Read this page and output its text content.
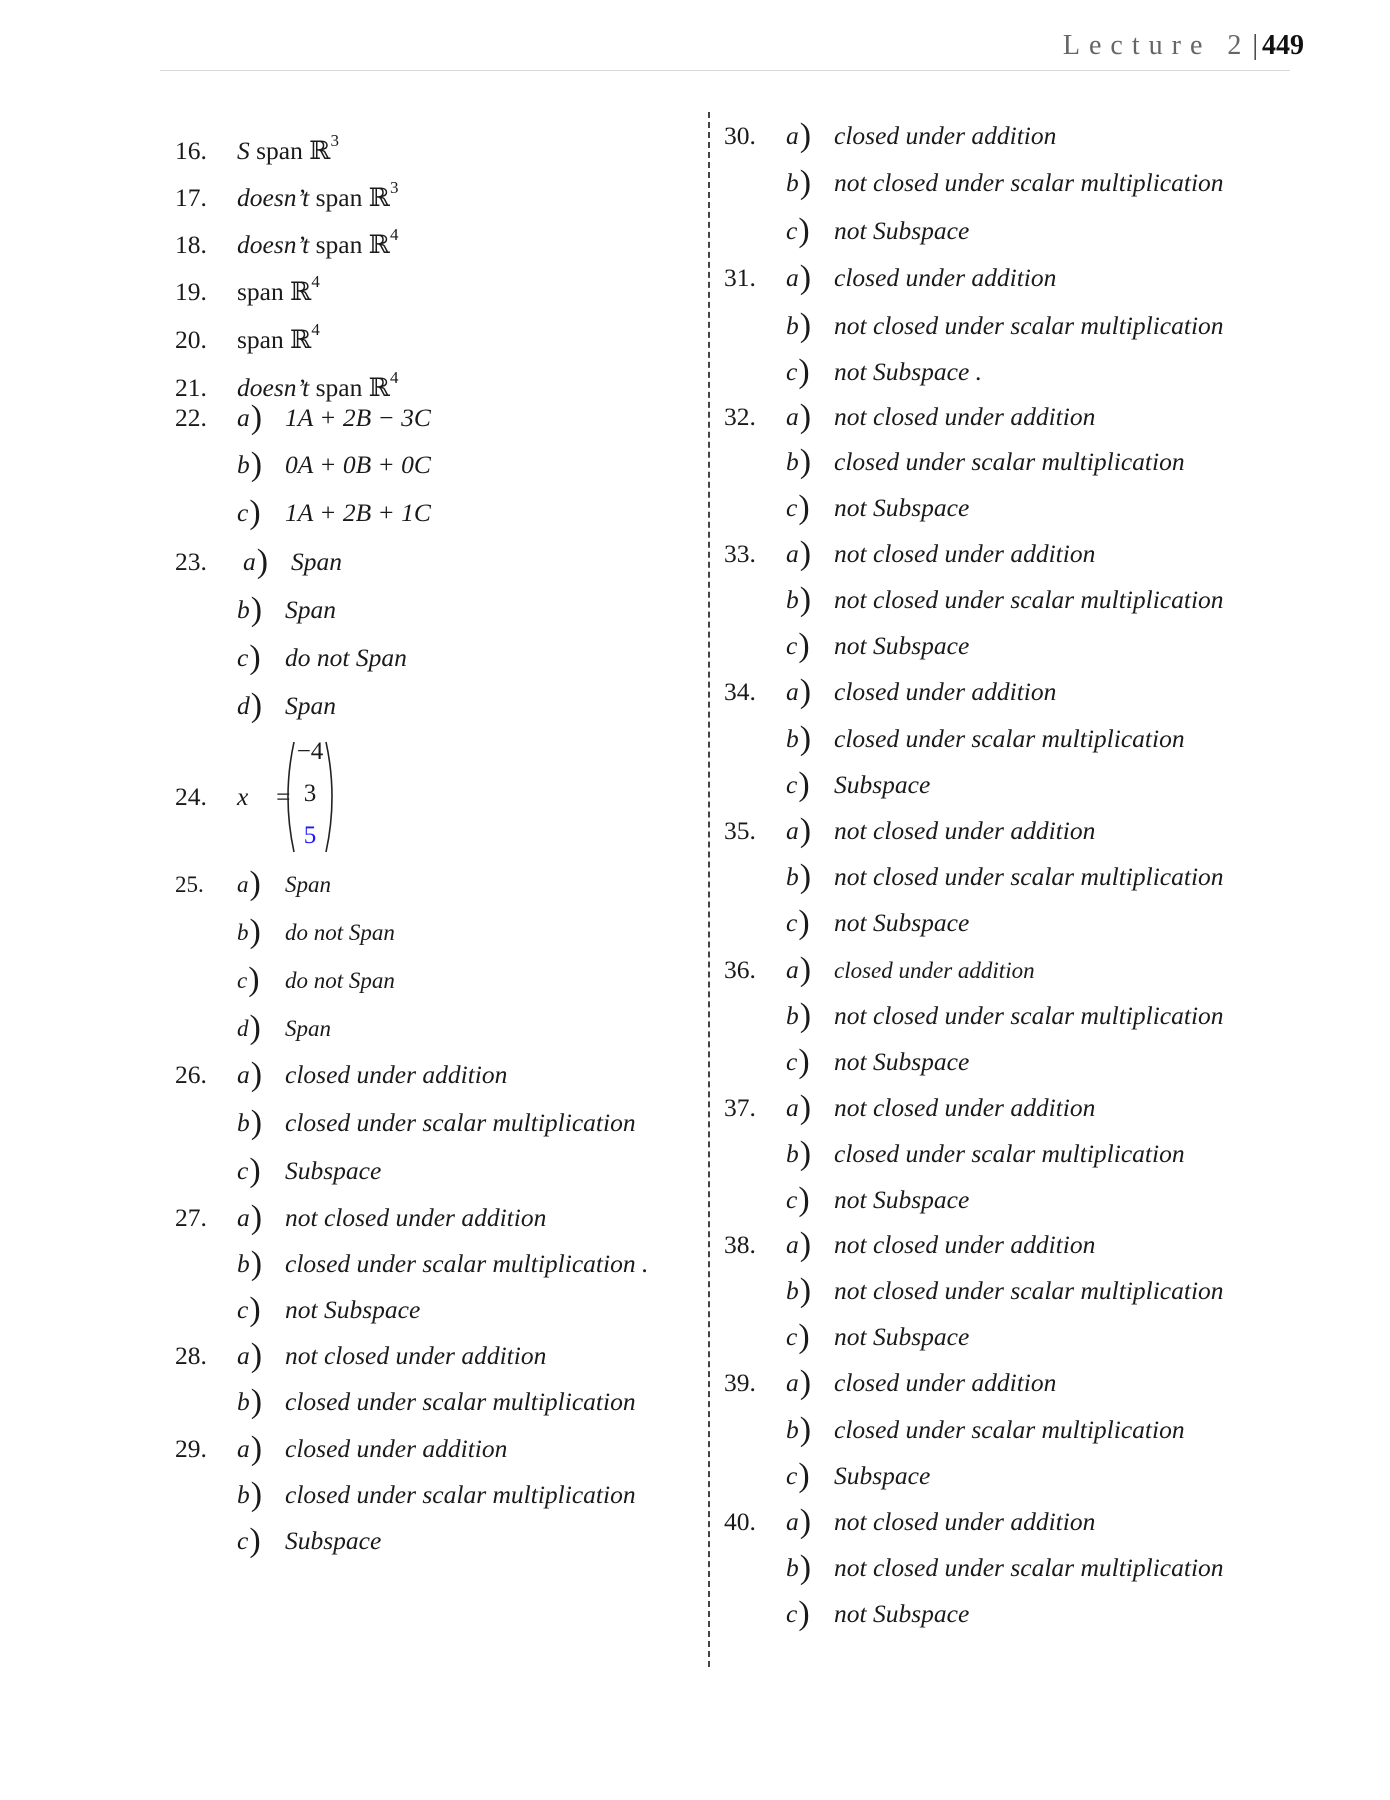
Lecture 2| 449
16. S span ℝ$^3$
17. doesn’t span ℝ$^3$
18. doesn’t span ℝ$^4$
19. span ℝ$^4$
20. span ℝ$^4$
21. doesn’t span ℝ$^4$
22. a) 1A + 2B − 3C
b) 0A + 0B + 0C
c) 1A + 2B + 1C
23. a) Span
b) Span
c) do not Span
d) Span
24. x⃗ =
−4
3
5
25. a) Span
b) do not Span
c) do not Span
d) Span
26. a) closed under addition
b) closed under scalar multiplication
c) Subspace
27. a) not closed under addition
b) closed under scalar multiplication .
c) not Subspace
28. a) not closed under addition
b) closed under scalar multiplication
29. a) closed under addition
b) closed under scalar multiplication
c) Subspace
30. a) closed under addition
b) not closed under scalar multiplication
c) not Subspace
31. a) closed under addition
b) not closed under scalar multiplication
c) not Subspace .
32. a) not closed under addition
b) closed under scalar multiplication
c) not Subspace
33. a) not closed under addition
b) not closed under scalar multiplication
c) not Subspace
34. a) closed under addition
b) closed under scalar multiplication
c) Subspace
35. a) not closed under addition
b) not closed under scalar multiplication
c) not Subspace
36. a) closed under addition
b) not closed under scalar multiplication
c) not Subspace
37. a) not closed under addition
b) closed under scalar multiplication
c) not Subspace
38. a) not closed under addition
b) not closed under scalar multiplication
c) not Subspace
39. a) closed under addition
b) closed under scalar multiplication
c) Subspace
40. a) not closed under addition
b) not closed under scalar multiplication
c) not Subspace
